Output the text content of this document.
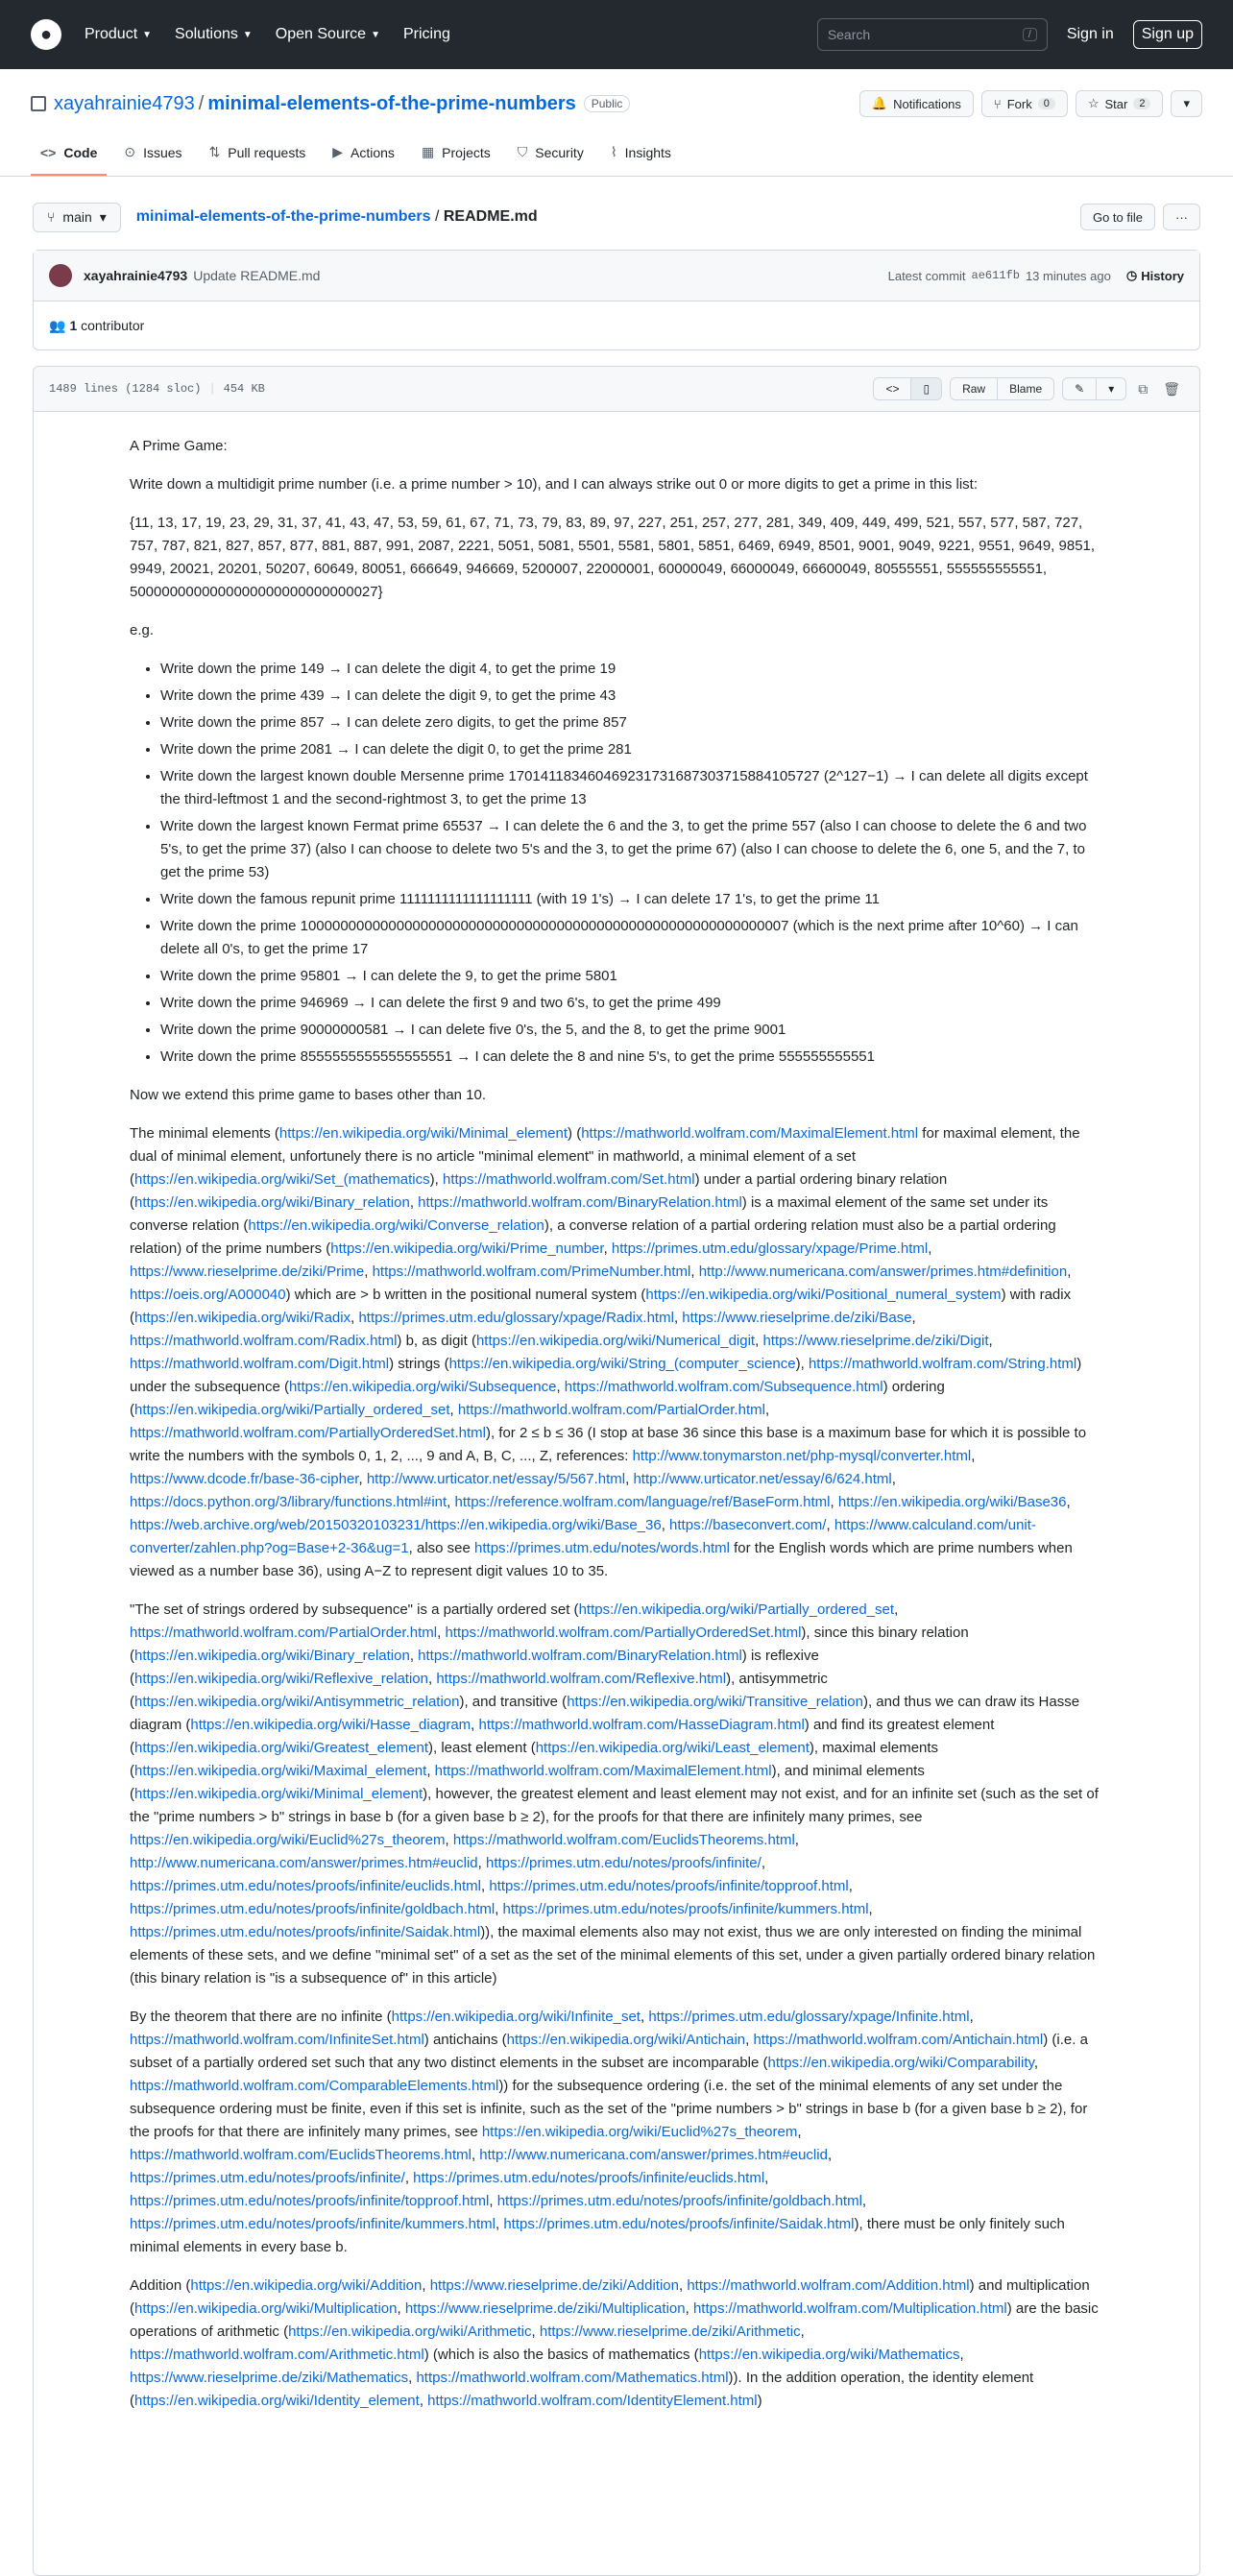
● Product ▼ Solutions ▼ Open Source ▼ Pricing	Search	/	Sign in	Sign up
xayahrainie4793 / minimal-elements-of-the-prime-numbers	Public	🔔 Notifications	⑂ Fork	0	☆ Star	2	▾
<> Code ⊙ Issues ⇅ Pull requests ▶ Actions ▦ Projects ⛉ Security ⌇ Insights
⑂ main ▾ minimal-elements-of-the-prime-numbers / README.md	Go to file	···
xayahrainie4793 Update README.md	Latest commit ae611fb 13 minutes ago ◷ History
👥 1 contributor
1489 lines (1284 sloc) | 454 KB	<>	▯	Raw	Blame	✎	▾	⧉ 🗑

A Prime Game:

Write down a multidigit prime number (i.e. a prime number > 10), and I can always strike out 0 or more digits to get a prime in this list:

{11, 13, 17, 19, 23, 29, 31, 37, 41, 43, 47, 53, 59, 61, 67, 71, 73, 79, 83, 89, 97, 227, 251, 257, 277, 281, 349, 409, 449, 499, 521, 557, 577, 587, 727, 757, 787, 821, 827, 857, 877, 881, 887, 991, 2087, 2221, 5051, 5081, 5501, 5581, 5801, 5851, 6469, 6949, 8501, 9001, 9049, 9221, 9551, 9649, 9851, 9949, 20021, 20201, 50207, 60649, 80051, 666649, 946669, 5200007, 22000001, 60000049, 66000049, 66600049, 80555551, 555555555551, 5000000000000000000000000000027}

e.g.

• Write down the prime 149 → I can delete the digit 4, to get the prime 19
• Write down the prime 439 → I can delete the digit 9, to get the prime 43
• Write down the prime 857 → I can delete zero digits, to get the prime 857
• Write down the prime 2081 → I can delete the digit 0, to get the prime 281
• Write down the largest known double Mersenne prime 170141183460469231731687303715884105727 (2^127−1) → I can delete all digits except the third-leftmost 1 and the second-rightmost 3, to get the prime 13
• Write down the largest known Fermat prime 65537 → I can delete the 6 and the 3, to get the prime 557 (also I can choose to delete the 6 and two 5's, to get the prime 37) (also I can choose to delete two 5's and the 3, to get the prime 67) (also I can choose to delete the 6, one 5, and the 7, to get the prime 53)
• Write down the famous repunit prime 1111111111111111111 (with 19 1's) → I can delete 17 1's, to get the prime 11
• Write down the prime 1000000000000000000000000000000000000000000000000000000000007 (which is the next prime after 10^60) → I can delete all 0's, to get the prime 17
• Write down the prime 95801 → I can delete the 9, to get the prime 5801
• Write down the prime 946969 → I can delete the first 9 and two 6's, to get the prime 499
• Write down the prime 90000000581 → I can delete five 0's, the 5, and the 8, to get the prime 9001
• Write down the prime 8555555555555555551 → I can delete the 8 and nine 5's, to get the prime 555555555551

Now we extend this prime game to bases other than 10.

The minimal elements (https://en.wikipedia.org/wiki/Minimal_element) (https://mathworld.wolfram.com/MaximalElement.html for maximal element, the dual of minimal element, unfortunely there is no article "minimal element" in mathworld, a minimal element of a set (https://en.wikipedia.org/wiki/Set_(mathematics), https://mathworld.wolfram.com/Set.html) under a partial ordering binary relation (https://en.wikipedia.org/wiki/Binary_relation, https://mathworld.wolfram.com/BinaryRelation.html) is a maximal element of the same set under its converse relation (https://en.wikipedia.org/wiki/Converse_relation), a converse relation of a partial ordering relation must also be a partial ordering relation) of the prime numbers (https://en.wikipedia.org/wiki/Prime_number, https://primes.utm.edu/glossary/xpage/Prime.html, https://www.rieselprime.de/ziki/Prime, https://mathworld.wolfram.com/PrimeNumber.html, http://www.numericana.com/answer/primes.htm#definition, https://oeis.org/A000040) which are > b written in the positional numeral system (https://en.wikipedia.org/wiki/Positional_numeral_system) with radix (https://en.wikipedia.org/wiki/Radix, https://primes.utm.edu/glossary/xpage/Radix.html, https://www.rieselprime.de/ziki/Base, https://mathworld.wolfram.com/Radix.html) b, as digit (https://en.wikipedia.org/wiki/Numerical_digit, https://www.rieselprime.de/ziki/Digit, https://mathworld.wolfram.com/Digit.html) strings (https://en.wikipedia.org/wiki/String_(computer_science), https://mathworld.wolfram.com/String.html) under the subsequence (https://en.wikipedia.org/wiki/Subsequence, https://mathworld.wolfram.com/Subsequence.html) ordering (https://en.wikipedia.org/wiki/Partially_ordered_set, https://mathworld.wolfram.com/PartialOrder.html, https://mathworld.wolfram.com/PartiallyOrderedSet.html), for 2 ≤ b ≤ 36 (I stop at base 36 since this base is a maximum base for which it is possible to write the numbers with the symbols 0, 1, 2, ..., 9 and A, B, C, ..., Z, references: http://www.tonymarston.net/php-mysql/converter.html, https://www.dcode.fr/base-36-cipher, http://www.urticator.net/essay/5/567.html, http://www.urticator.net/essay/6/624.html, https://docs.python.org/3/library/functions.html#int, https://reference.wolfram.com/language/ref/BaseForm.html, https://en.wikipedia.org/wiki/Base36, https://web.archive.org/web/20150320103231/https://en.wikipedia.org/wiki/Base_36, https://baseconvert.com/, https://www.calculand.com/unit-converter/zahlen.php?og=Base+2-36&ug=1, also see https://primes.utm.edu/notes/words.html for the English words which are prime numbers when viewed as a number base 36), using A−Z to represent digit values 10 to 35.

"The set of strings ordered by subsequence" is a partially ordered set (https://en.wikipedia.org/wiki/Partially_ordered_set, https://mathworld.wolfram.com/PartialOrder.html, https://mathworld.wolfram.com/PartiallyOrderedSet.html), since this binary relation (https://en.wikipedia.org/wiki/Binary_relation, https://mathworld.wolfram.com/BinaryRelation.html) is reflexive (https://en.wikipedia.org/wiki/Reflexive_relation, https://mathworld.wolfram.com/Reflexive.html), antisymmetric (https://en.wikipedia.org/wiki/Antisymmetric_relation), and transitive (https://en.wikipedia.org/wiki/Transitive_relation), and thus we can draw its Hasse diagram (https://en.wikipedia.org/wiki/Hasse_diagram, https://mathworld.wolfram.com/HasseDiagram.html) and find its greatest element (https://en.wikipedia.org/wiki/Greatest_element), least element (https://en.wikipedia.org/wiki/Least_element), maximal elements (https://en.wikipedia.org/wiki/Maximal_element, https://mathworld.wolfram.com/MaximalElement.html), and minimal elements (https://en.wikipedia.org/wiki/Minimal_element), however, the greatest element and least element may not exist, and for an infinite set (such as the set of the "prime numbers > b" strings in base b (for a given base b ≥ 2), for the proofs for that there are infinitely many primes, see https://en.wikipedia.org/wiki/Euclid%27s_theorem, https://mathworld.wolfram.com/EuclidsTheorems.html, http://www.numericana.com/answer/primes.htm#euclid, https://primes.utm.edu/notes/proofs/infinite/, https://primes.utm.edu/notes/proofs/infinite/euclids.html, https://primes.utm.edu/notes/proofs/infinite/topproof.html, https://primes.utm.edu/notes/proofs/infinite/goldbach.html, https://primes.utm.edu/notes/proofs/infinite/kummers.html, https://primes.utm.edu/notes/proofs/infinite/Saidak.html)), the maximal elements also may not exist, thus we are only interested on finding the minimal elements of these sets, and we define "minimal set" of a set as the set of the minimal elements of this set, under a given partially ordered binary relation (this binary relation is "is a subsequence of" in this article)

By the theorem that there are no infinite (https://en.wikipedia.org/wiki/Infinite_set, https://primes.utm.edu/glossary/xpage/Infinite.html, https://mathworld.wolfram.com/InfiniteSet.html) antichains (https://en.wikipedia.org/wiki/Antichain, https://mathworld.wolfram.com/Antichain.html) (i.e. a subset of a partially ordered set such that any two distinct elements in the subset are incomparable (https://en.wikipedia.org/wiki/Comparability, https://mathworld.wolfram.com/ComparableElements.html)) for the subsequence ordering (i.e. the set of the minimal elements of any set under the subsequence ordering must be finite, even if this set is infinite, such as the set of the "prime numbers > b" strings in base b (for a given base b ≥ 2), for the proofs for that there are infinitely many primes, see https://en.wikipedia.org/wiki/Euclid%27s_theorem, https://mathworld.wolfram.com/EuclidsTheorems.html, http://www.numericana.com/answer/primes.htm#euclid, https://primes.utm.edu/notes/proofs/infinite/, https://primes.utm.edu/notes/proofs/infinite/euclids.html, https://primes.utm.edu/notes/proofs/infinite/topproof.html, https://primes.utm.edu/notes/proofs/infinite/goldbach.html, https://primes.utm.edu/notes/proofs/infinite/kummers.html, https://primes.utm.edu/notes/proofs/infinite/Saidak.html), there must be only finitely such minimal elements in every base b.

Addition (https://en.wikipedia.org/wiki/Addition, https://www.rieselprime.de/ziki/Addition, https://mathworld.wolfram.com/Addition.html) and multiplication (https://en.wikipedia.org/wiki/Multiplication, https://www.rieselprime.de/ziki/Multiplication, https://mathworld.wolfram.com/Multiplication.html) are the basic operations of arithmetic (https://en.wikipedia.org/wiki/Arithmetic, https://www.rieselprime.de/ziki/Arithmetic, https://mathworld.wolfram.com/Arithmetic.html) (which is also the basics of mathematics (https://en.wikipedia.org/wiki/Mathematics, https://www.rieselprime.de/ziki/Mathematics, https://mathworld.wolfram.com/Mathematics.html)). In the addition operation, the identity element (https://en.wikipedia.org/wiki/Identity_element, https://mathworld.wolfram.com/IdentityElement.html)
